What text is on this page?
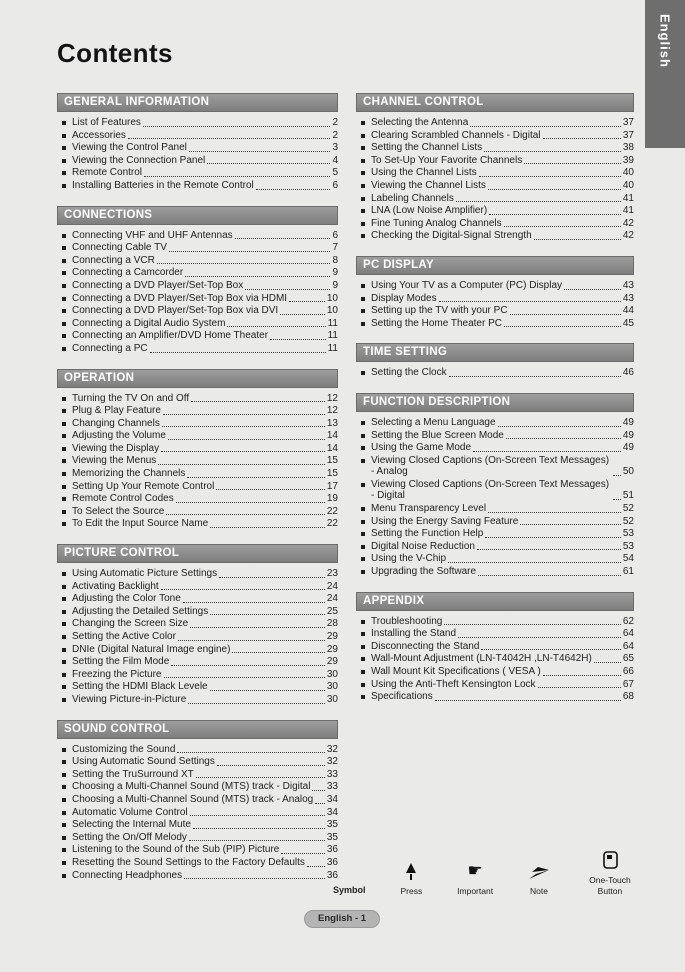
English
Contents
GENERAL INFORMATION
List of Features	2
Accessories	2
Viewing the Control Panel	3
Viewing the Connection Panel	4
Remote Control	5
Installing Batteries in the Remote Control	6
CONNECTIONS
Connecting VHF and UHF Antennas	6
Connecting Cable TV	7
Connecting a VCR	8
Connecting a Camcorder	9
Connecting a DVD Player/Set-Top Box	9
Connecting a DVD Player/Set-Top Box via HDMI	10
Connecting a DVD Player/Set-Top Box via DVI	10
Connecting a Digital Audio System	11
Connecting an Amplifier/DVD Home Theater	11
Connecting a PC	11
OPERATION
Turning the TV On and Off	12
Plug & Play Feature	12
Changing Channels	13
Adjusting the Volume	14
Viewing the Display	14
Viewing the Menus	15
Memorizing the Channels	15
Setting Up Your Remote Control	17
Remote Control Codes	19
To Select the Source	22
To Edit the Input Source Name	22
PICTURE CONTROL
Using Automatic Picture Settings	23
Activating Backlight	24
Adjusting the Color Tone	24
Adjusting the Detailed Settings	25
Changing the Screen Size	28
Setting the Active Color	29
DNIe (Digital Natural Image engine)	29
Setting the Film Mode	29
Freezing the Picture	30
Setting the HDMI Black Levele	30
Viewing Picture-in-Picture	30
SOUND CONTROL
Customizing the Sound	32
Using Automatic Sound Settings	32
Setting the TruSurround XT	33
Choosing a Multi-Channel Sound (MTS) track - Digital 33
Choosing a Multi-Channel Sound (MTS) track - Analog 34
Automatic Volume Control	34
Selecting the Internal Mute	35
Setting the On/Off Melody	35
Listening to the Sound of the Sub (PIP) Picture	36
Resetting the Sound Settings to the Factory Defaults 36
Connecting Headphones	36
CHANNEL CONTROL
Selecting the Antenna	37
Clearing Scrambled Channels - Digital	37
Setting the Channel Lists	38
To Set-Up Your Favorite Channels	39
Using the Channel Lists	40
Viewing the Channel Lists	40
Labeling Channels	41
LNA (Low Noise Amplifier)	41
Fine Tuning Analog Channels	42
Checking the Digital-Signal Strength	42
PC DISPLAY
Using Your TV as a Computer (PC) Display	43
Display Modes	43
Setting up the TV with your PC	44
Setting the Home Theater PC	45
TIME SETTING
Setting the Clock	46
FUNCTION DESCRIPTION
Selecting a Menu Language	49
Setting the Blue Screen Mode	49
Using the Game Mode	49
Viewing Closed Captions (On-Screen Text Messages) - Analog	50
Viewing Closed Captions (On-Screen Text Messages) - Digital	51
Menu Transparency Level	52
Using the Energy Saving Feature	52
Setting the Function Help	53
Digital Noise Reduction	53
Using the V-Chip	54
Upgrading the Software	61
APPENDIX
Troubleshooting	62
Installing the Stand	64
Disconnecting the Stand	64
Wall-Mount Adjustment (LN-T4042H ,LN-T4642H)	65
Wall Mount Kit Specifications ( VESA )	66
Using the Anti-Theft Kensington Lock	67
Specifications	68
Symbol	Press
☛
Important	Note
One-Touch Button
English - 1
